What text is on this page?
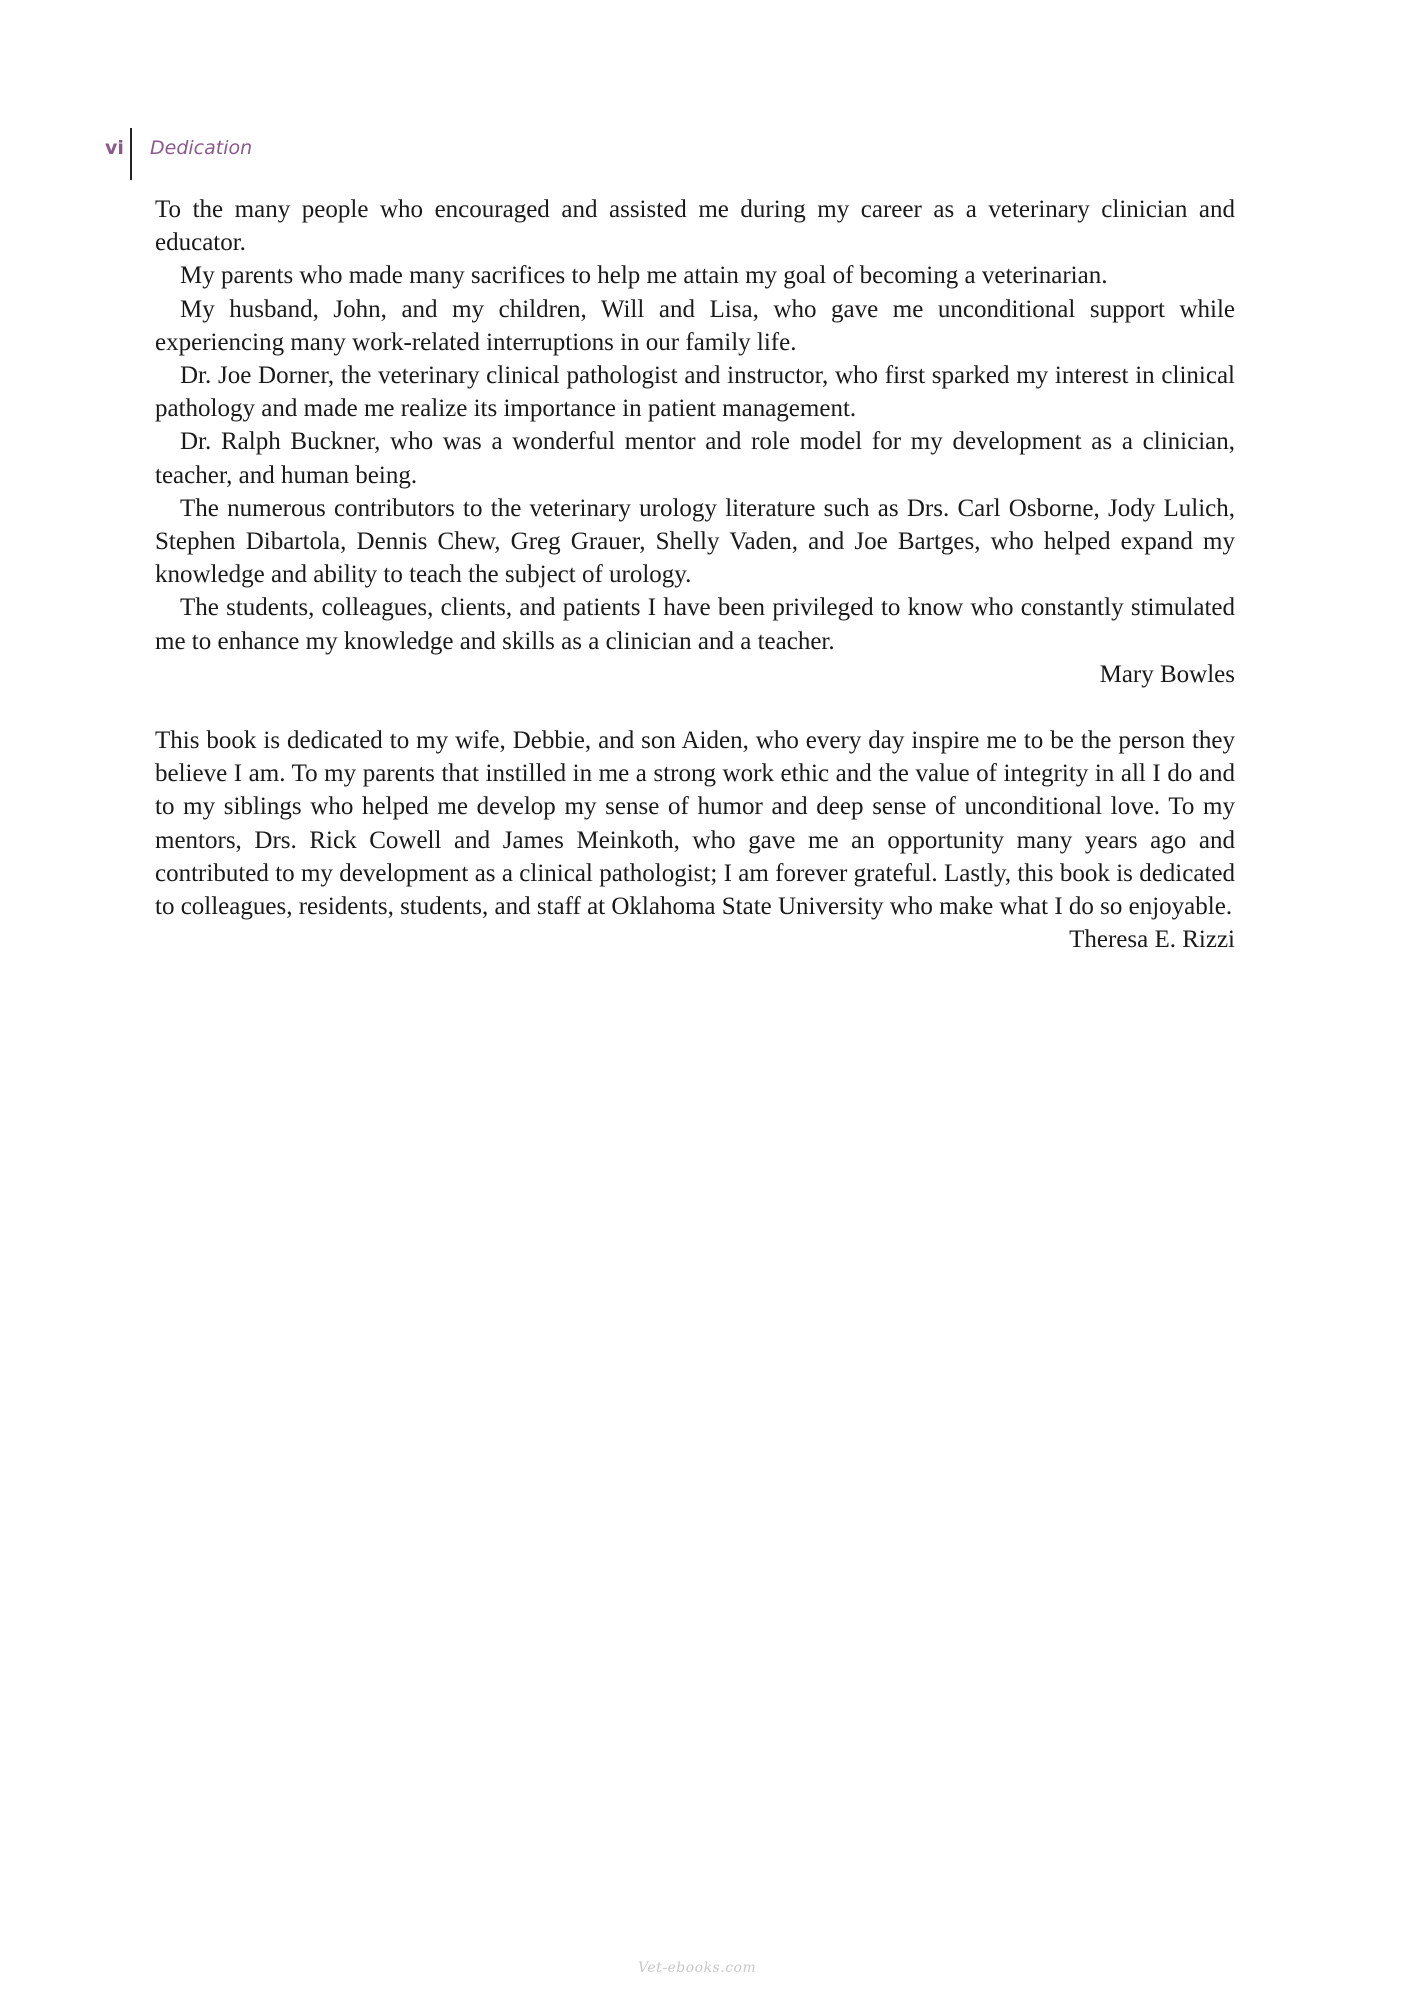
vi Dedication

To the many people who encouraged and assisted me during my career as a veterinary clinician and educator.

My parents who made many sacrifices to help me attain my goal of becoming a veterinarian.

My husband, John, and my children, Will and Lisa, who gave me unconditional support while experiencing many work-related interruptions in our family life.

Dr. Joe Dorner, the veterinary clinical pathologist and instructor, who first sparked my interest in clinical pathology and made me realize its importance in patient management.

Dr. Ralph Buckner, who was a wonderful mentor and role model for my development as a clinician, teacher, and human being.

The numerous contributors to the veterinary urology literature such as Drs. Carl Osborne, Jody Lulich, Stephen Dibartola, Dennis Chew, Greg Grauer, Shelly Vaden, and Joe Bartges, who helped expand my knowledge and ability to teach the subject of urology.

The students, colleagues, clients, and patients I have been privileged to know who constantly stimulated me to enhance my knowledge and skills as a clinician and a teacher.

Mary Bowles

This book is dedicated to my wife, Debbie, and son Aiden, who every day inspire me to be the person they believe I am. To my parents that instilled in me a strong work ethic and the value of integrity in all I do and to my siblings who helped me develop my sense of humor and deep sense of unconditional love. To my mentors, Drs. Rick Cowell and James Meinkoth, who gave me an opportunity many years ago and contributed to my development as a clinical pathologist; I am forever grateful. Lastly, this book is dedicated to colleagues, residents, students, and staff at Oklahoma State University who make what I do so enjoyable.

Theresa E. Rizzi

Vet-ebooks.com
